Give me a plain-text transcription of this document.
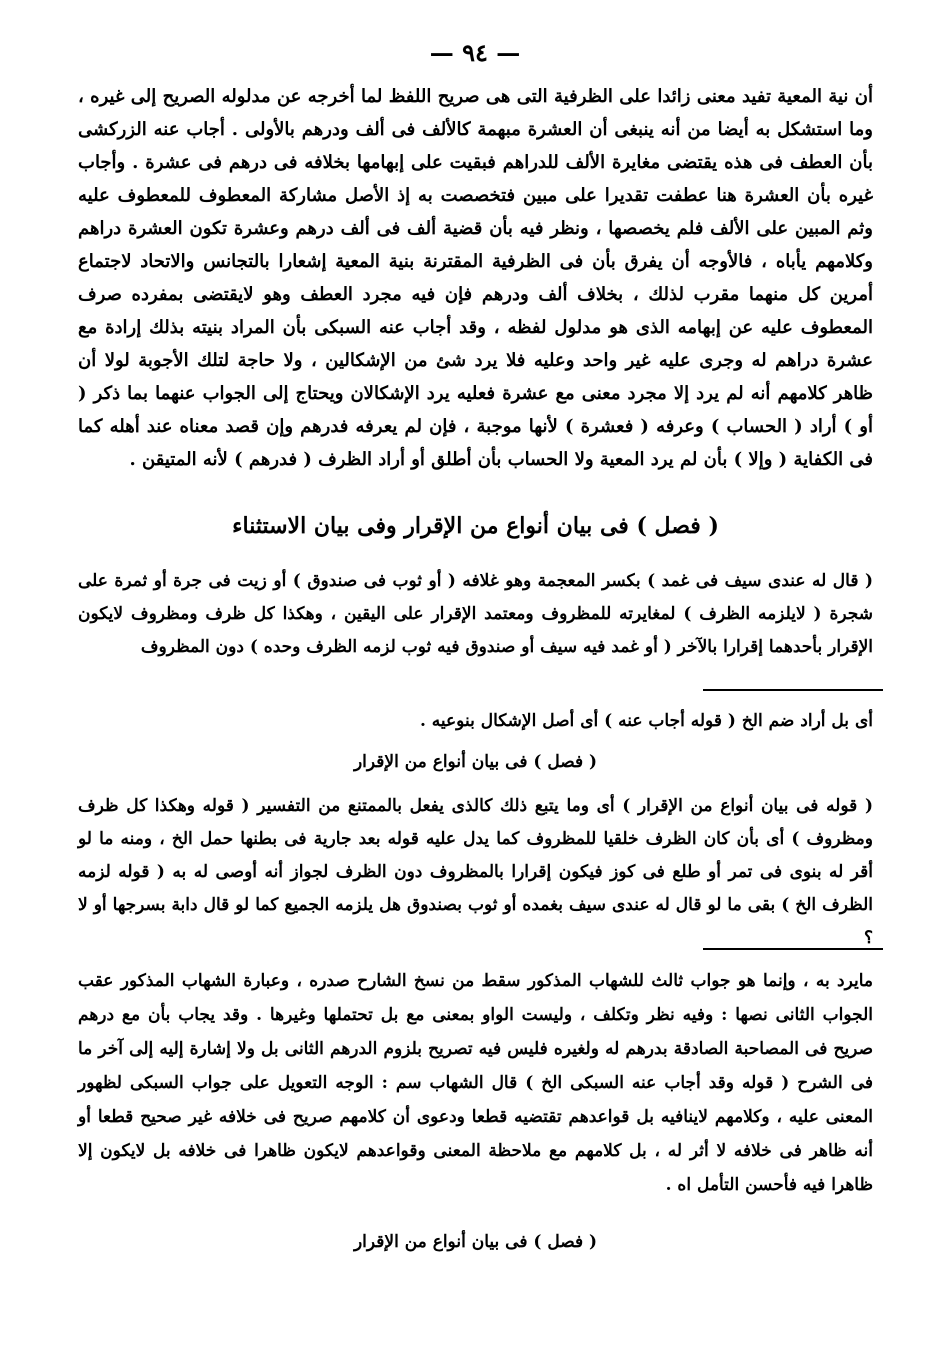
— ٩٤ —
أن نية المعية تفيد معنى زائدا على الظرفية التى هى صريح اللفظ لما أخرجه عن مدلوله الصريح إلى غيره ، وما استشكل به أيضا من أنه ينبغى أن العشرة مبهمة كالألف فى ألف ودرهم بالأولى . أجاب عنه الزركشى بأن العطف فى هذه يقتضى مغايرة الألف للدراهم فبقيت على إبهامها بخلافه فى درهم فى عشرة . وأجاب غيره بأن العشرة هنا عطفت تقديرا على مبين فتخصصت به إذ الأصل مشاركة المعطوف للمعطوف عليه وثم المبين على الألف فلم يخصصها ، ونظر فيه بأن قضية ألف فى ألف درهم وعشرة تكون العشرة دراهم وكلامهم يأباه ، فالأوجه أن يفرق بأن فى الظرفية المقترنة بنية المعية إشعارا بالتجانس والاتحاد لاجتماع أمرين كل منهما مقرب لذلك ، بخلاف ألف ودرهم فإن فيه مجرد العطف وهو لايقتضى بمفرده صرف المعطوف عليه عن إبهامه الذى هو مدلول لفظه ، وقد أجاب عنه السبكى بأن المراد بنيته بذلك إرادة مع عشرة دراهم له وجرى عليه غير واحد وعليه فلا يرد شئ من الإشكالين ، ولا حاجة لتلك الأجوبة لولا أن ظاهر كلامهم أنه لم يرد إلا مجرد معنى مع عشرة فعليه يرد الإشكالان ويحتاج إلى الجواب عنهما بما ذكر ( أو ) أراد ( الحساب ) وعرفه ( فعشرة ) لأنها موجبة ، فإن لم يعرفه فدرهم وإن قصد معناه عند أهله كما فى الكفاية ( وإلا ) بأن لم يرد المعية ولا الحساب بأن أطلق أو أراد الظرف ( فدرهم ) لأنه المتيقن .
( فصل ) فى بيان أنواع من الإقرار وفى بيان الاستثناء
( قال له عندى سيف فى غمد ) بكسر المعجمة وهو غلافه ( أو ثوب فى صندوق ) أو زيت فى جرة أو ثمرة على شجرة ( لايلزمه الظرف ) لمغايرته للمظروف ومعتمد الإقرار على اليقين ، وهكذا كل ظرف ومظروف لايكون الإقرار بأحدهما إقرارا بالآخر ( أو غمد فيه سيف أو صندوق فيه ثوب لزمه الظرف وحده ) دون المظروف
أى بل أراد ضم الخ ( قوله أجاب عنه ) أى أصل الإشكال بنوعيه .
( فصل ) فى بيان أنواع من الإقرار
( قوله فى بيان أنواع من الإقرار ) أى وما يتبع ذلك كالذى يفعل بالممتنع من التفسير ( قوله وهكذا كل ظرف ومظروف ) أى بأن كان الظرف خلقيا للمظروف كما يدل عليه قوله بعد جارية فى بطنها حمل الخ ، ومنه ما لو أقر له بنوى فى تمر أو طلع فى كوز فيكون إقرارا بالمظروف دون الظرف لجواز أنه أوصى له به ( قوله لزمه الظرف الخ ) بقى ما لو قال له عندى سيف بغمده أو ثوب بصندوق هل يلزمه الجميع كما لو قال دابة بسرجها أو لا ؟
مايرد به ، وإنما هو جواب ثالث للشهاب المذكور سقط من نسخ الشارح صدره ، وعبارة الشهاب المذكور عقب الجواب الثانى نصها : وفيه نظر وتكلف ، وليست الواو بمعنى مع بل تحتملها وغيرها . وقد يجاب بأن مع درهم صريح فى المصاحبة الصادقة بدرهم له ولغيره فليس فيه تصريح بلزوم الدرهم الثانى بل ولا إشارة إليه إلى آخر ما فى الشرح ( قوله وقد أجاب عنه السبكى الخ ) قال الشهاب سم : الوجه التعويل على جواب السبكى لظهور المعنى عليه ، وكلامهم لاينافيه بل قواعدهم تقتضيه قطعا ودعوى أن كلامهم صريح فى خلافه غير صحيح قطعا أو أنه ظاهر فى خلافه لا أثر له ، بل كلامهم مع ملاحظة المعنى وقواعدهم لايكون ظاهرا فى خلافه بل لايكون إلا ظاهرا فيه فأحسن التأمل اه .
( فصل ) فى بيان أنواع من الإقرار
